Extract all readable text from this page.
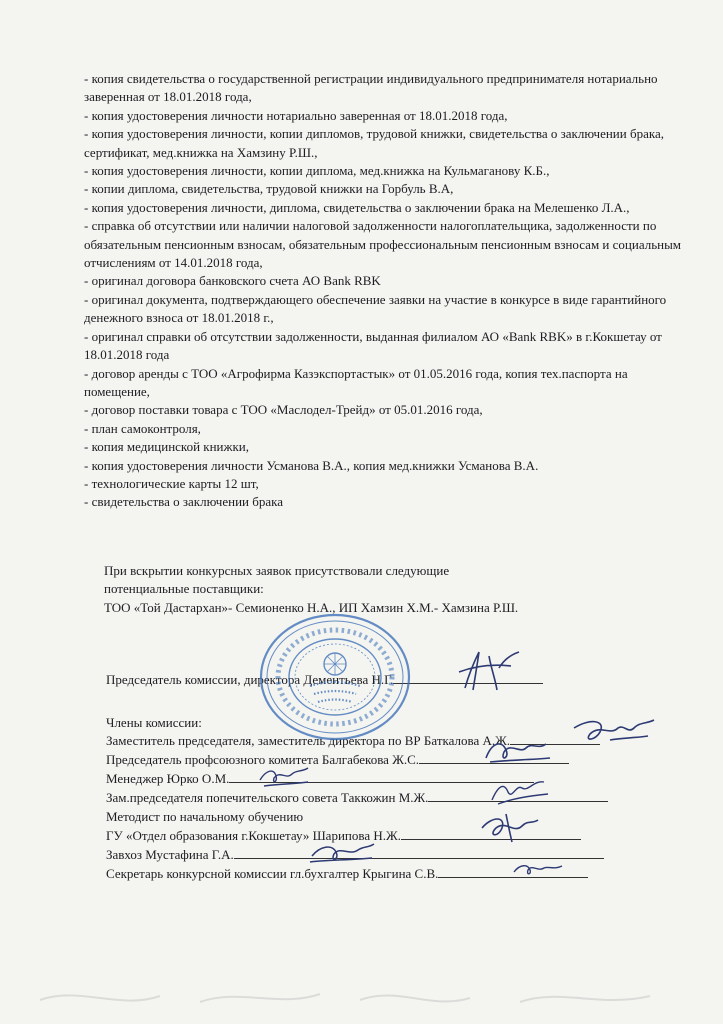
- копия свидетельства о государственной регистрации индивидуального предпринимателя нотариально заверенная от 18.01.2018 года,

- копия удостоверения личности нотариально заверенная от 18.01.2018 года,

- копия удостоверения личности, копии дипломов, трудовой книжки, свидетельства о заключении брака, сертификат, мед.книжка на Хамзину Р.Ш.,

- копия удостоверения личности, копии диплома, мед.книжка на Кульмаганову К.Б.,

- копии диплома, свидетельства, трудовой книжки на Горбуль В.А,

- копия удостоверения личности, диплома, свидетельства о заключении брака на Мелешенко Л.А.,

- справка об отсутствии или наличии налоговой задолженности налогоплательщика, задолженности по обязательным пенсионным взносам, обязательным профессиональным пенсионным взносам и социальным отчислениям от 14.01.2018 года,

- оригинал договора банковского счета АО Bank RBK

- оригинал документа, подтверждающего обеспечение заявки на участие в конкурсе в виде гарантийного денежного взноса от 18.01.2018 г.,

- оригинал справки об отсутствии задолженности, выданная филиалом АО «Bank RBK» в г.Кокшетау от 18.01.2018 года

- договор аренды с ТОО «Агрофирма Казэкспортастык» от 01.05.2016 года, копия тех.паспорта на помещение,

- договор поставки товара с ТОО «Маслодел-Трейд» от 05.01.2016 года,

- план самоконтроля,

- копия медицинской книжки,

- копия удостоверения личности Усманова В.А., копия мед.книжки Усманова В.А.

- технологические карты 12 шт,

- свидетельства о заключении брака

При вскрытии конкурсных заявок присутствовали следующие
потенциальные поставщики:
ТОО «Той Дастархан»- Семионенко Н.А., ИП Хамзин Х.М.- Хамзина Р.Ш.
Председатель комиссии, директора Дементьева Н.Г.
Члены комиссии:
Заместитель председателя, заместитель директора по ВР Баткалова А.Ж.
Председатель профсоюзного комитета Балгабекова Ж.С.
Менеджер Юрко О.М.
Зам.председателя попечительского совета Таккожин М.Ж.
Методист по начальному обучению
ГУ «Отдел образования г.Кокшетау» Шарипова Н.Ж.
Завхоз Мустафина Г.А.
Секретарь конкурсной комиссии гл.бухгалтер Крыгина С.В.
